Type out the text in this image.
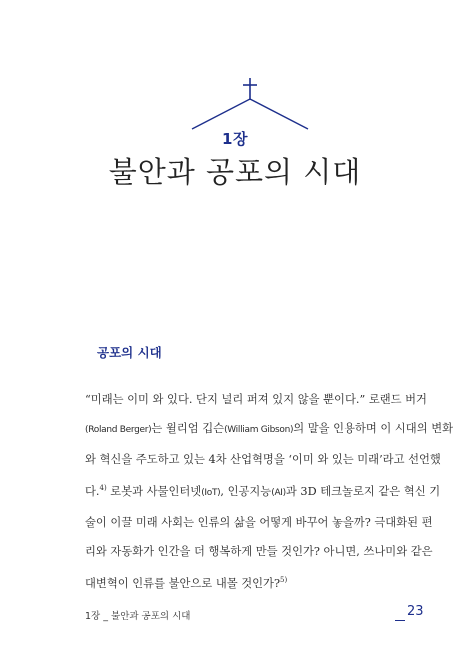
1장
불안과 공포의 시대
공포의 시대
“미래는 이미 와 있다. 단지 널리 퍼져 있지 않을 뿐이다.” 로랜드 버거
(Roland Berger)는 윌리엄 깁슨(William Gibson)의 말을 인용하며 이 시대의 변화
와 혁신을 주도하고 있는 4차 산업혁명을 ‘이미 와 있는 미래’라고 선언했
다.$^{4)}$ 로봇과 사물인터넷(IoT), 인공지능(AI)과 3D 테크놀로지 같은 혁신 기
술이 이끌 미래 사회는 인류의 삶을 어떻게 바꾸어 놓을까? 극대화된 편
리와 자동화가 인간을 더 행복하게 만들 것인가? 아니면, 쓰나미와 같은
대변혁이 인류를 불안으로 내몰 것인가?$^{5)}$
1장 _ 불안과 공포의 시대	23
